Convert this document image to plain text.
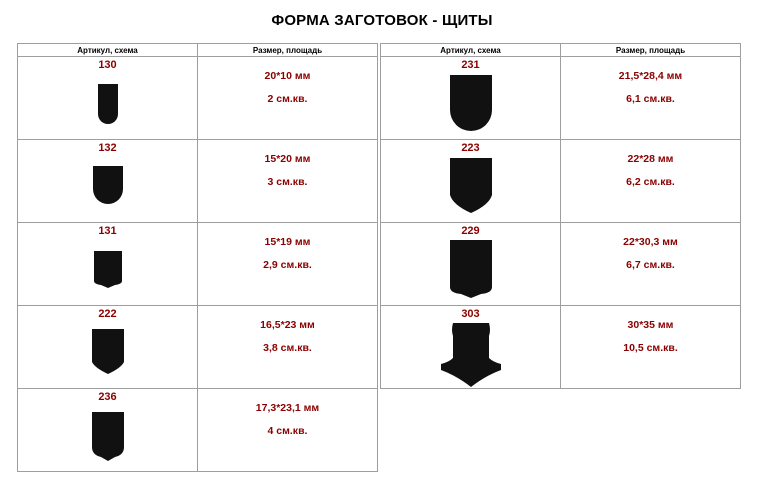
ФОРМА ЗАГОТОВОК - ЩИТЫ
Артикул, схема	Размер, площадь

130	20*10 мм
2 см.кв.

132	15*20 мм
3 см.кв.

131	15*19 мм
2,9 см.кв.

222	16,5*23 мм
3,8 см.кв.

236	17,3*23,1 мм
4 см.кв.
Артикул, схема	Размер, площадь

231	21,5*28,4 мм
6,1 см.кв.

223	22*28 мм
6,2 см.кв.

229	22*30,3 мм
6,7 см.кв.

303	30*35 мм
10,5 см.кв.
